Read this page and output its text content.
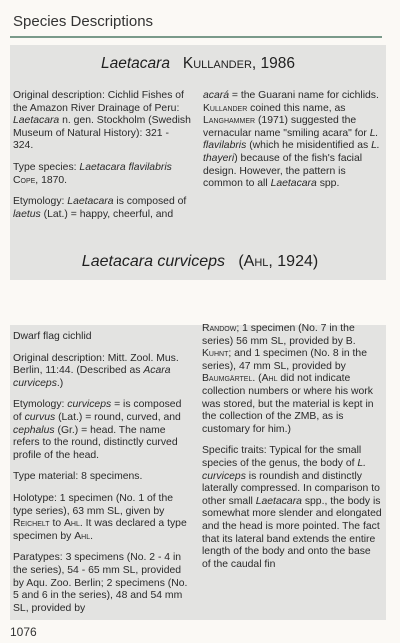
Species Descriptions
Laetacara Kullander, 1986

Original description: Cichlid Fishes of the Amazon River Drainage of Peru: Laetacara n. gen. Stockholm (Swedish Museum of Natural History): 321 - 324.

Type species: Laetacara flavilabris Cope, 1870.

Etymology: Laetacara is composed of laetus (Lat.) = happy, cheerful, and

acará = the Guarani name for cichlids. Kullander coined this name, as Langhammer (1971) suggested the vernacular name "smiling acara" for L. flavilabris (which he misidentified as L. thayeri) because of the fish's facial design. However, the pattern is common to all Laetacara spp.

Laetacara curviceps (Ahl, 1924)

Dwarf flag cichlid

Original description: Mitt. Zool. Mus. Berlin, 11:44. (Described as Acara curviceps.)

Etymology: curviceps = is composed of curvus (Lat.) = round, curved, and cephalus (Gr.) = head. The name refers to the round, distinctly curved profile of the head.

Type material: 8 specimens.

Holotype: 1 specimen (No. 1 of the type series), 63 mm SL, given by Reichelt to Ahl. It was declared a type specimen by Ahl.

Paratypes: 3 specimens (No. 2 - 4 in the series), 54 - 65 mm SL, provided by Aqu. Zoo. Berlin; 2 specimens (No. 5 and 6 in the series), 48 and 54 mm SL, provided by

Randow; 1 specimen (No. 7 in the series) 56 mm SL, provided by B. Kuhnt; and 1 specimen (No. 8 in the series), 47 mm SL, provided by Baumgärtel. (Ahl did not indicate collection numbers or where his work was stored, but the material is kept in the collection of the ZMB, as is customary for him.)

Specific traits: Typical for the small species of the genus, the body of L. curviceps is roundish and distinctly laterally compressed. In comparison to other small Laetacara spp., the body is somewhat more slender and elongated and the head is more pointed. The fact that its lateral band extends the entire length of the body and onto the base of the caudal fin

1076
